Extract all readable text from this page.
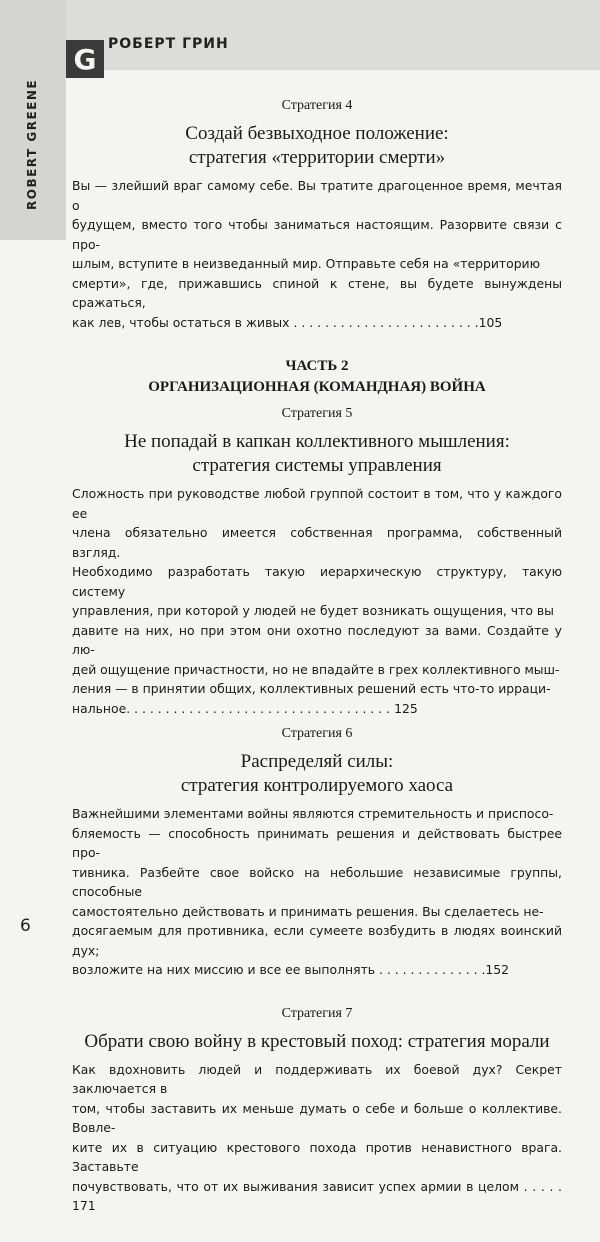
ROBERT GREENE
G РОБЕРТ ГРИН

Стратегия 4

Создай безвыходное положение:
стратегия «территории смерти»

Вы — злейший враг самому себе. Вы тратите драгоценное время, мечтая о
будущем, вместо того чтобы заниматься настоящим. Разорвите связи с про-
шлым, вступите в неизведанный мир. Отправьте себя на «территорию
смерти», где, прижавшись спиной к стене, вы будете вынуждены сражаться,
как лев, чтобы остаться в живых . . . . . . . . . . . . . . . . . . . . . . . .105

ЧАСТЬ 2

ОРГАНИЗАЦИОННАЯ (КОМАНДНАЯ) ВОЙНА

Стратегия 5

Не попадай в капкан коллективного мышления:
стратегия системы управления

Сложность при руководстве любой группой состоит в том, что у каждого ее
члена обязательно имеется собственная программа, собственный взгляд.
Необходимо разработать такую иерархическую структуру, такую систему
управления, при которой у людей не будет возникать ощущения, что вы
давите на них, но при этом они охотно последуют за вами. Создайте у лю-
дей ощущение причастности, но не впадайте в грех коллективного мыш-
ления — в принятии общих, коллективных решений есть что-то ирраци-
нальное. . . . . . . . . . . . . . . . . . . . . . . . . . . . . . . . . . 125

Стратегия 6

Распределяй силы:
стратегия контролируемого хаоса

Важнейшими элементами войны являются стремительность и приспосо-
бляемость — способность принимать решения и действовать быстрее про-
тивника. Разбейте свое войско на небольшие независимые группы, способные
самостоятельно действовать и принимать решения. Вы сделаетесь не-
досягаемым для противника, если сумеете возбудить в людях воинский дух;
возложите на них миссию и все ее выполнять . . . . . . . . . . . . . .152

Стратегия 7

Обрати свою войну в крестовый поход: стратегия морали

Как вдохновить людей и поддерживать их боевой дух? Секрет заключается в
том, чтобы заставить их меньше думать о себе и больше о коллективе. Вовле-
ките их в ситуацию крестового похода против ненавистного врага. Заставьте
почувствовать, что от их выживания зависит успех армии в целом . . . . . 171

6
